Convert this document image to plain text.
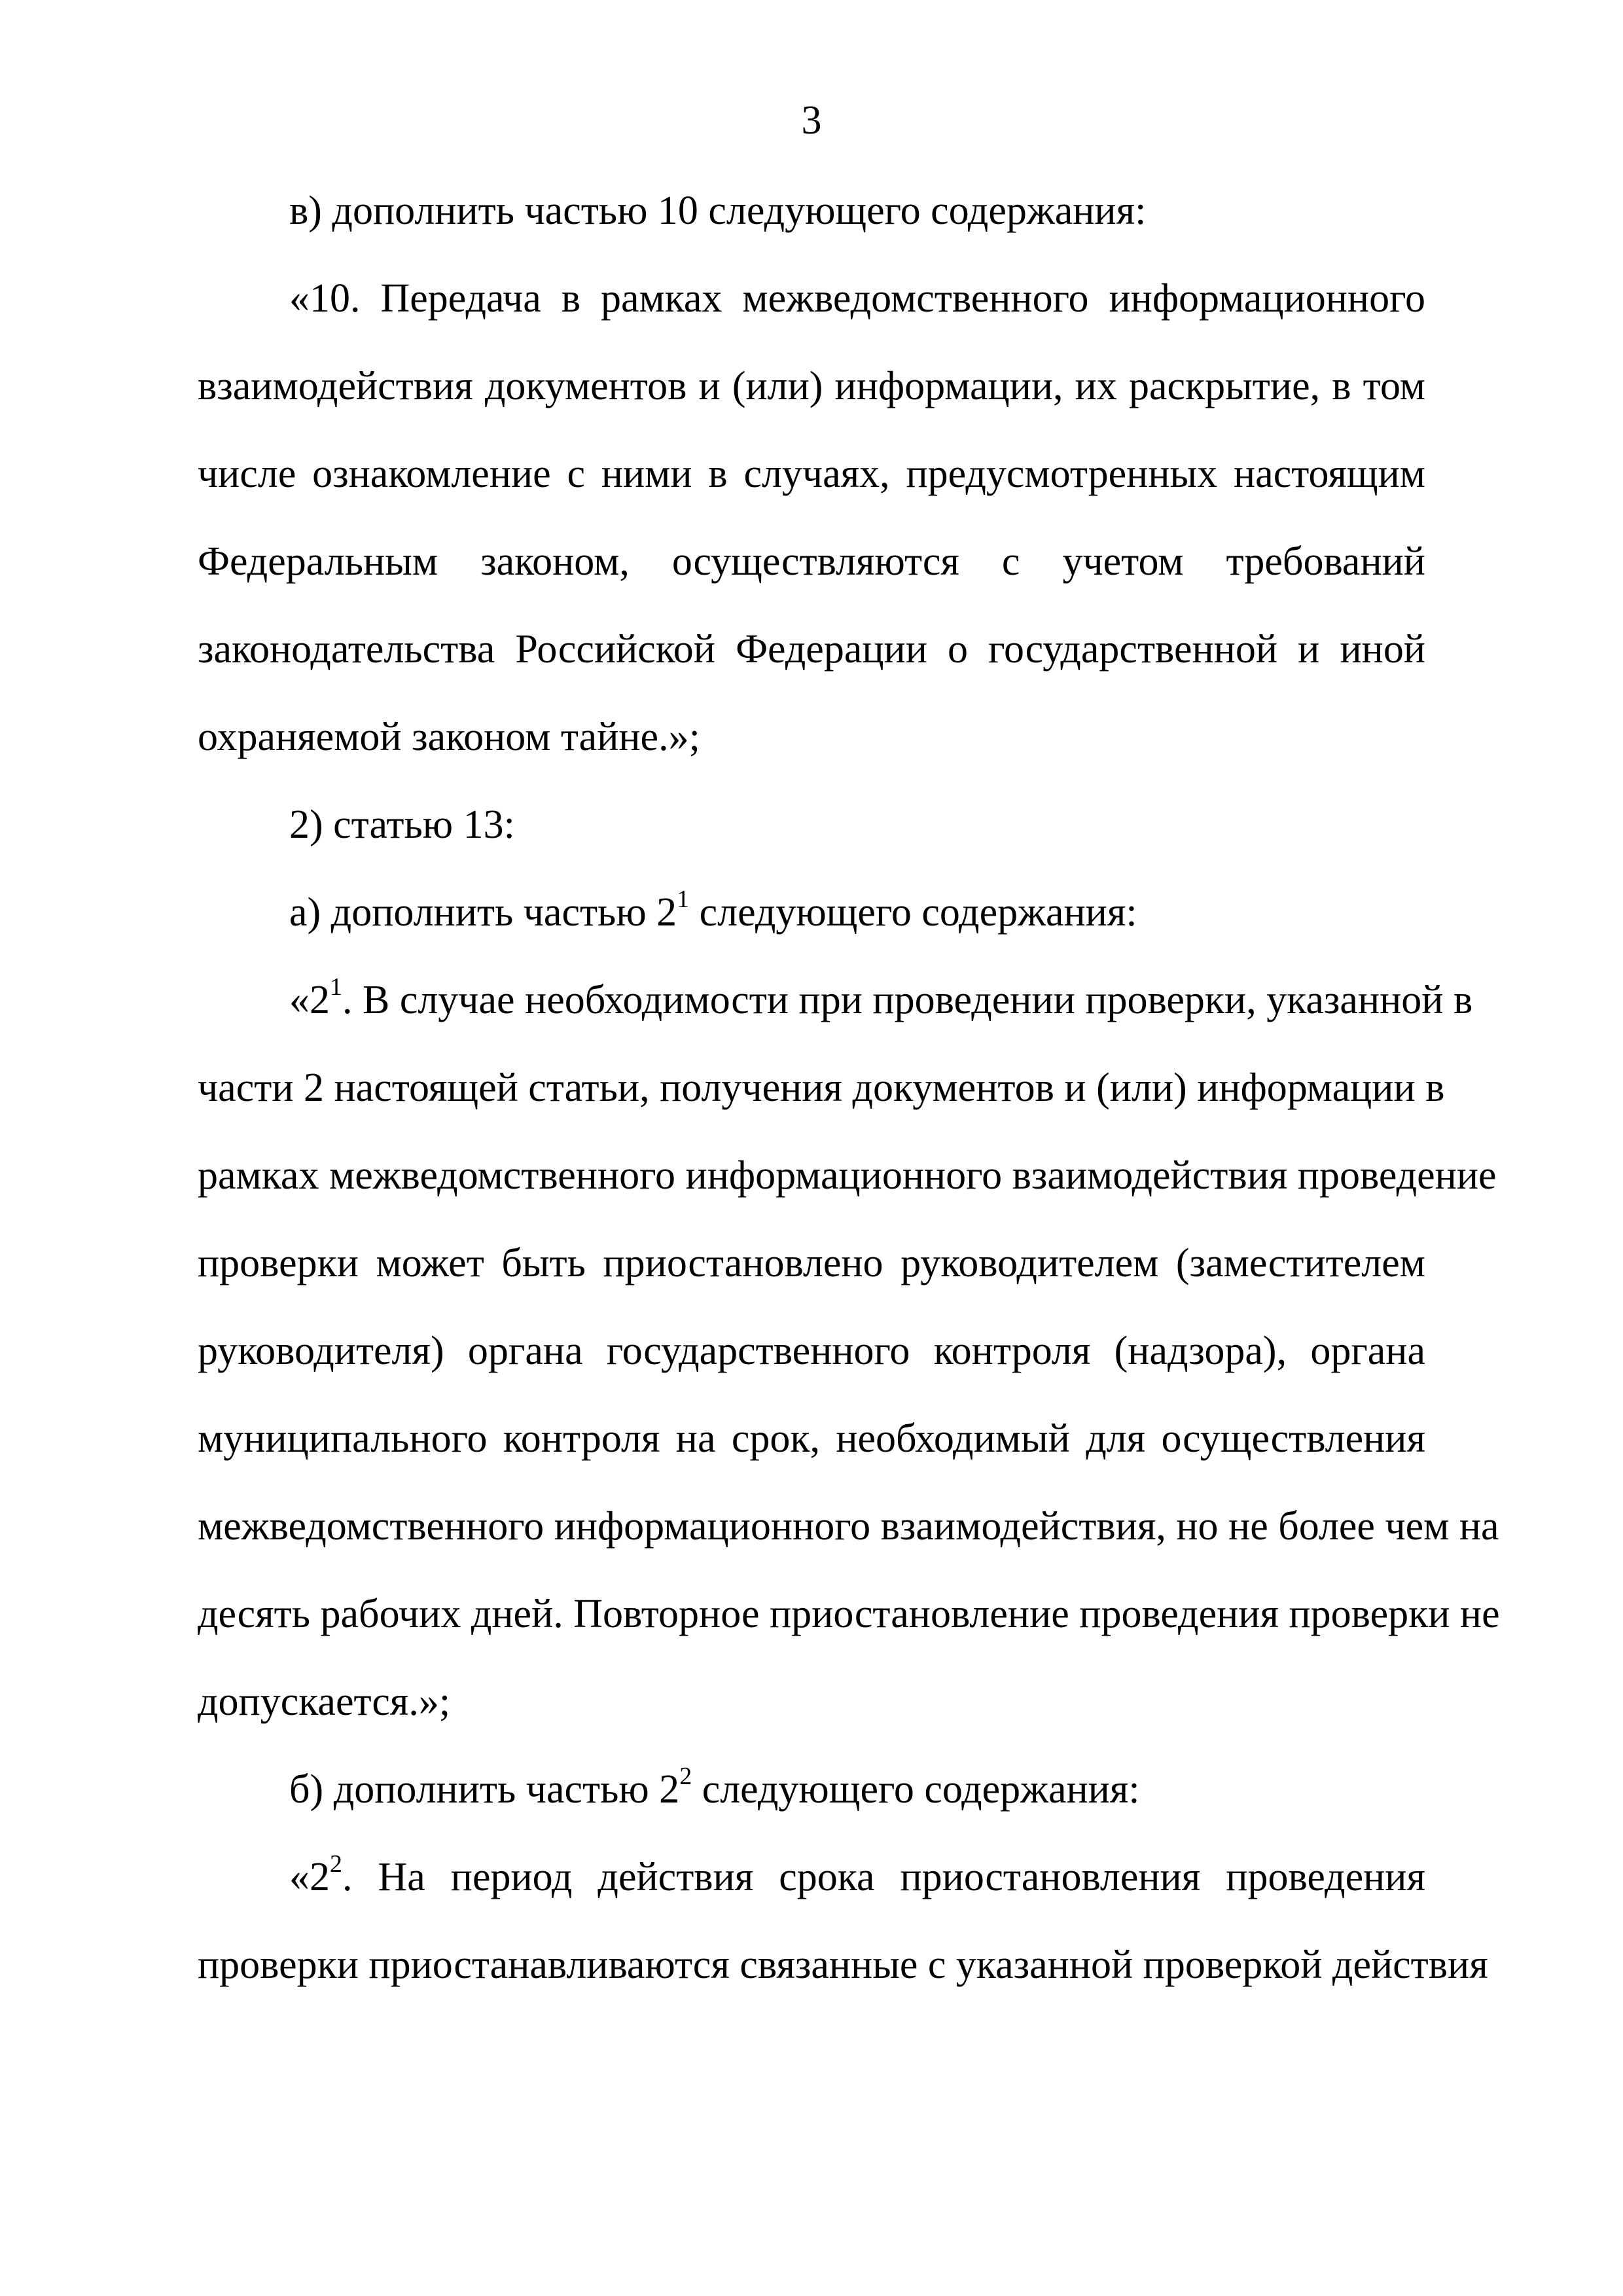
3
в) дополнить частью 10 следующего содержания:
«10. Передача в рамках межведомственного информационного
взаимодействия документов и (или) информации, их раскрытие, в том
числе ознакомление с ними в случаях, предусмотренных настоящим
Федеральным законом, осуществляются с учетом требований
законодательства Российской Федерации о государственной и иной
охраняемой законом тайне.»;
2) статью 13:
а) дополнить частью $2^1$ следующего содержания:
«$2^1$. В случае необходимости при проведении проверки, указанной в
части 2 настоящей статьи, получения документов и (или) информации в
рамках межведомственного информационного взаимодействия проведение
проверки может быть приостановлено руководителем (заместителем
руководителя) органа государственного контроля (надзора), органа
муниципального контроля на срок, необходимый для осуществления
межведомственного информационного взаимодействия, но не более чем на
десять рабочих дней. Повторное приостановление проведения проверки не
допускается.»;
б) дополнить частью $2^2$ следующего содержания:
«$2^2$. На период действия срока приостановления проведения
проверки приостанавливаются связанные с указанной проверкой действия
